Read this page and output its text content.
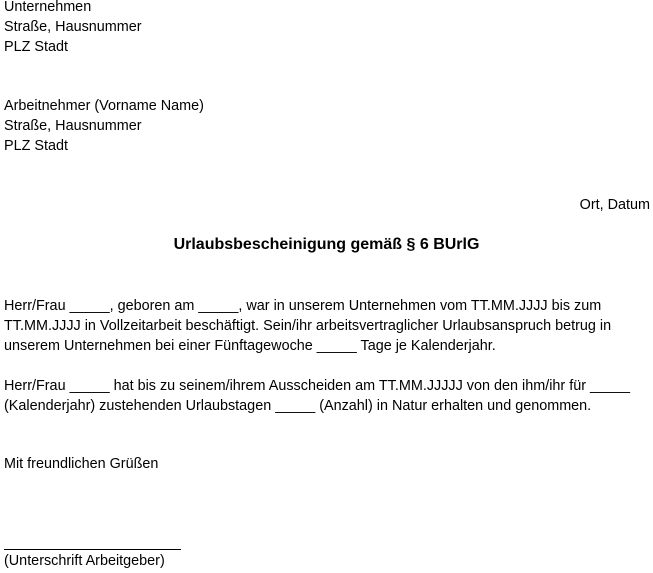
Unternehmen
Straße, Hausnummer
PLZ Stadt
Arbeitnehmer (Vorname Name)
Straße, Hausnummer
PLZ Stadt
Ort, Datum
Urlaubsbescheinigung gemäß § 6 BUrlG
Herr/Frau _____, geboren am _____, war in unserem Unternehmen vom TT.MM.JJJJ bis zum
TT.MM.JJJJ in Vollzeitarbeit beschäftigt. Sein/ihr arbeitsvertraglicher Urlaubsanspruch betrug in
unserem Unternehmen bei einer Fünftagewoche _____ Tage je Kalenderjahr.
Herr/Frau _____ hat bis zu seinem/ihrem Ausscheiden am TT.MM.JJJJJ von den ihm/ihr für _____
(Kalenderjahr) zustehenden Urlaubstagen _____ (Anzahl) in Natur erhalten und genommen.
Mit freundlichen Grüßen
(Unterschrift Arbeitgeber)
